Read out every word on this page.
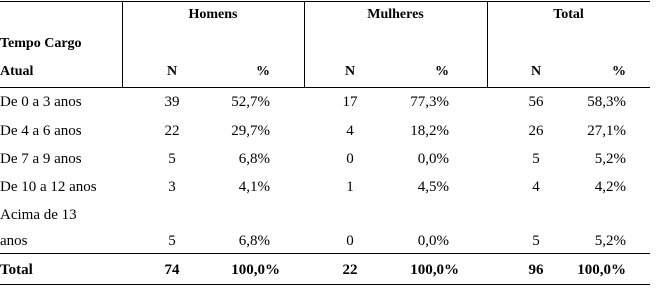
Homens	Mulheres	Total
Tempo Cargo
Atual	N	%	N	%	N	%
De 0 a 3 anos	39	52,7%	17	77,3%	56	58,3%
De 4 a 6 anos	22	29,7%	4	18,2%	26	27,1%
De 7 a 9 anos	5	6,8%	0	0,0%	5	5,2%
De 10 a 12 anos	3	4,1%	1	4,5%	4	4,2%
Acima de 13
anos	5	6,8%	0	0,0%	5	5,2%
Total	74	100,0%	22	100,0%	96	100,0%
